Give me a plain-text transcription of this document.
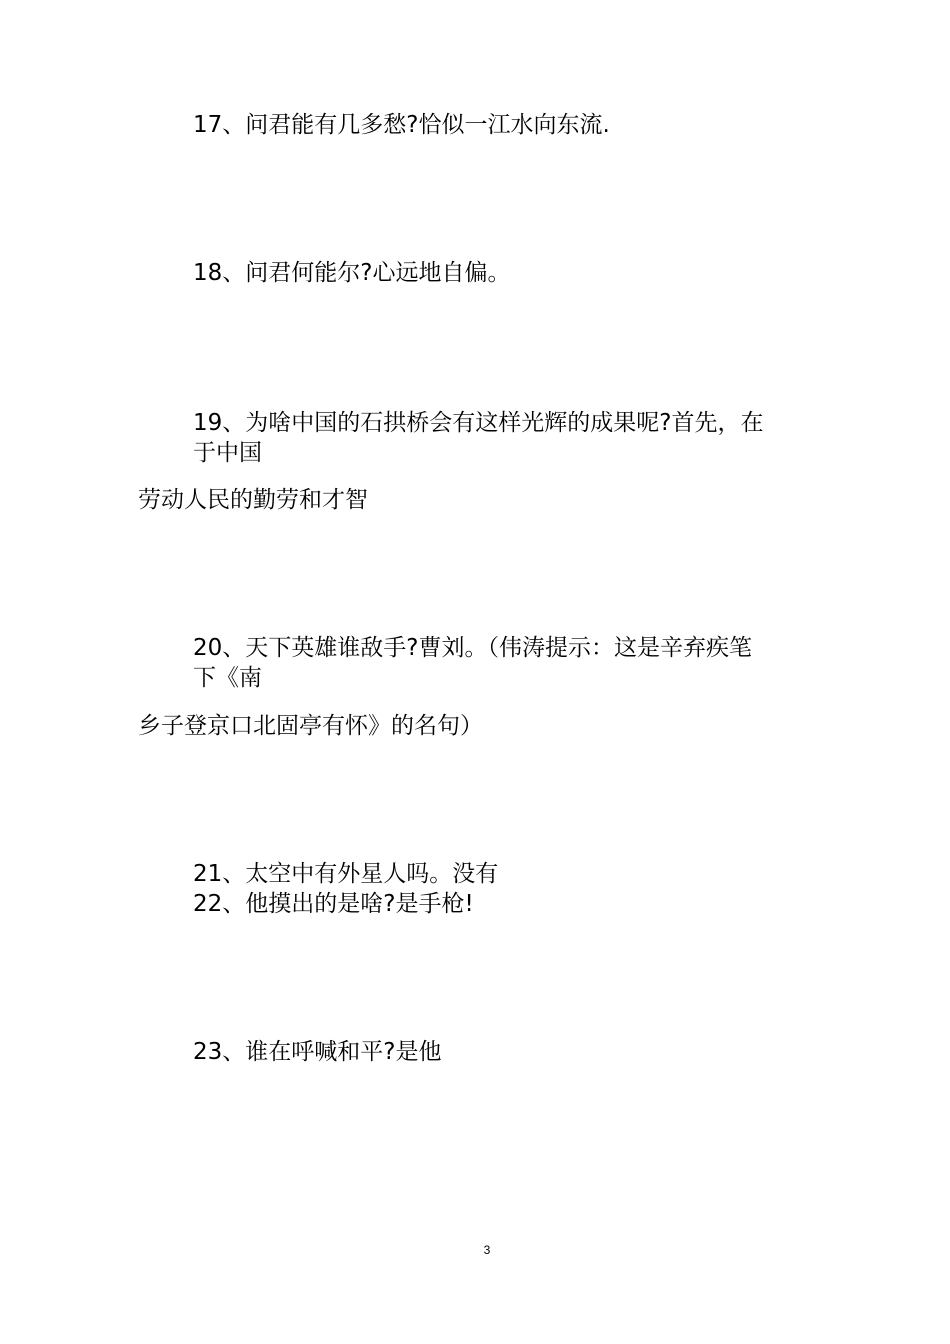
17、问君能有几多愁?恰似一江水向东流.

18、问君何能尔?心远地自偏。

19、为啥中国的石拱桥会有这样光辉的成果呢?首先，在

于中国

劳动人民的勤劳和才智

20、天下英雄谁敌手?曹刘。（伟涛提示：这是辛弃疾笔

下《南

乡子登京口北固亭有怀》的名句）

21、太空中有外星人吗。没有

22、他摸出的是啥?是手枪!

23、谁在呼喊和平?是他

3
